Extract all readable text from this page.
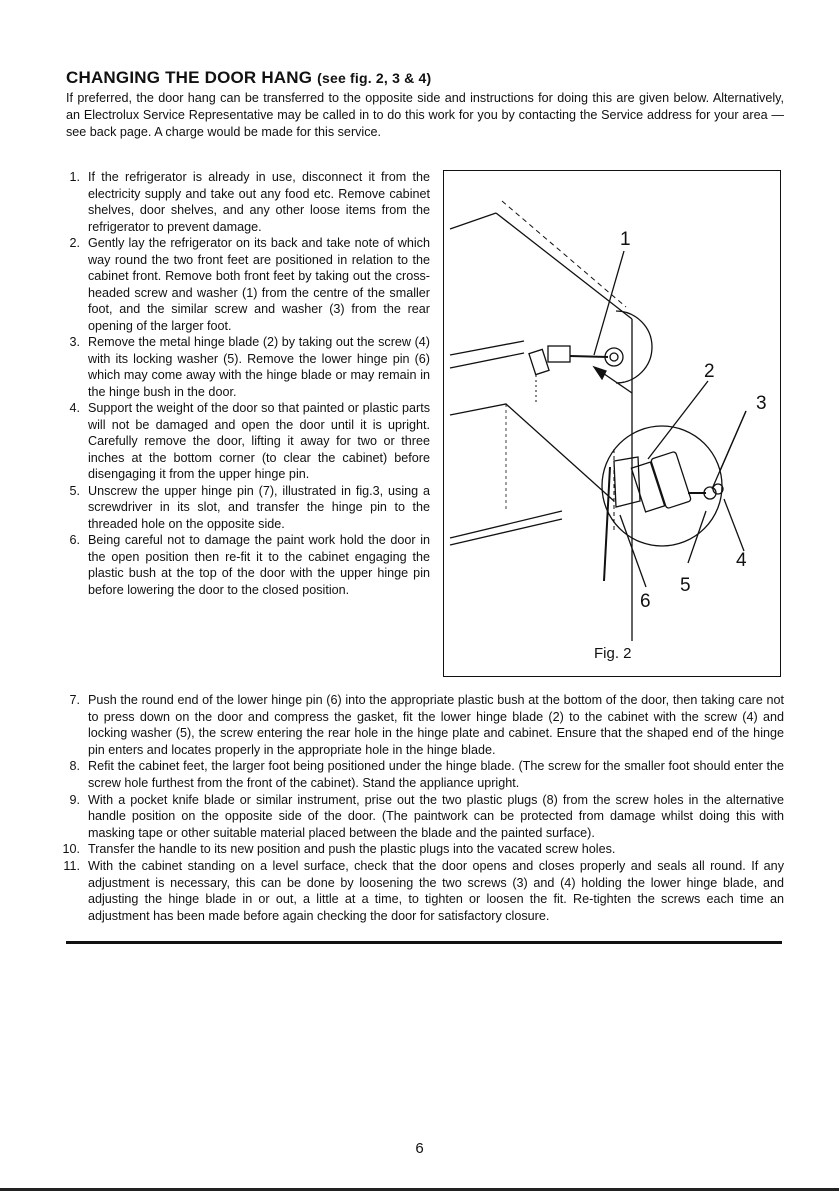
CHANGING THE DOOR HANG (see fig. 2, 3 & 4)

If preferred, the door hang can be transferred to the opposite side and instructions for doing this are given below. Alternatively, an Electrolux Service Representative may be called in to do this work for you by contacting the Service address for your area — see back page. A charge would be made for this service.

1. If the refrigerator is already in use, disconnect it from the electricity supply and take out any food etc. Remove cabinet shelves, door shelves, and any other loose items from the refrigerator to prevent damage.
2. Gently lay the refrigerator on its back and take note of which way round the two front feet are positioned in relation to the cabinet front. Remove both front feet by taking out the cross-headed screw and washer (1) from the centre of the smaller foot, and the similar screw and washer (3) from the rear opening of the larger foot.
3. Remove the metal hinge blade (2) by taking out the screw (4) with its locking washer (5). Remove the lower hinge pin (6) which may come away with the hinge blade or may remain in the hinge bush in the door.
4. Support the weight of the door so that painted or plastic parts will not be damaged and open the door until it is upright. Carefully remove the door, lifting it away for two or three inches at the bottom corner (to clear the cabinet) before disengaging it from the upper hinge pin.
5. Unscrew the upper hinge pin (7), illustrated in fig.3, using a screwdriver in its slot, and transfer the hinge pin to the threaded hole on the opposite side.
6. Being careful not to damage the paint work hold the door in the open position then re-fit it to the cabinet engaging the plastic bush at the top of the door with the upper hinge pin before lowering the door to the closed position.
1
2
3
4
5
6
Fig. 2
7. Push the round end of the lower hinge pin (6) into the appropriate plastic bush at the bottom of the door, then taking care not to press down on the door and compress the gasket, fit the lower hinge blade (2) to the cabinet with the screw (4) and locking washer (5), the screw entering the rear hole in the hinge plate and cabinet. Ensure that the shaped end of the hinge pin enters and locates properly in the appropriate hole in the hinge blade.
8. Refit the cabinet feet, the larger foot being positioned under the hinge blade. (The screw for the smaller foot should enter the screw hole furthest from the front of the cabinet). Stand the appliance upright.
9. With a pocket knife blade or similar instrument, prise out the two plastic plugs (8) from the screw holes in the alternative handle position on the opposite side of the door. (The paintwork can be protected from damage whilst doing this with masking tape or other suitable material placed between the blade and the painted surface).
10. Transfer the handle to its new position and push the plastic plugs into the vacated screw holes.
11. With the cabinet standing on a level surface, check that the door opens and closes properly and seals all round. If any adjustment is necessary, this can be done by loosening the two screws (3) and (4) holding the lower hinge blade, and adjusting the hinge blade in or out, a little at a time, to tighten or loosen the fit. Re-tighten the screws each time an adjustment has been made before again checking the door for satisfactory closure.
6
